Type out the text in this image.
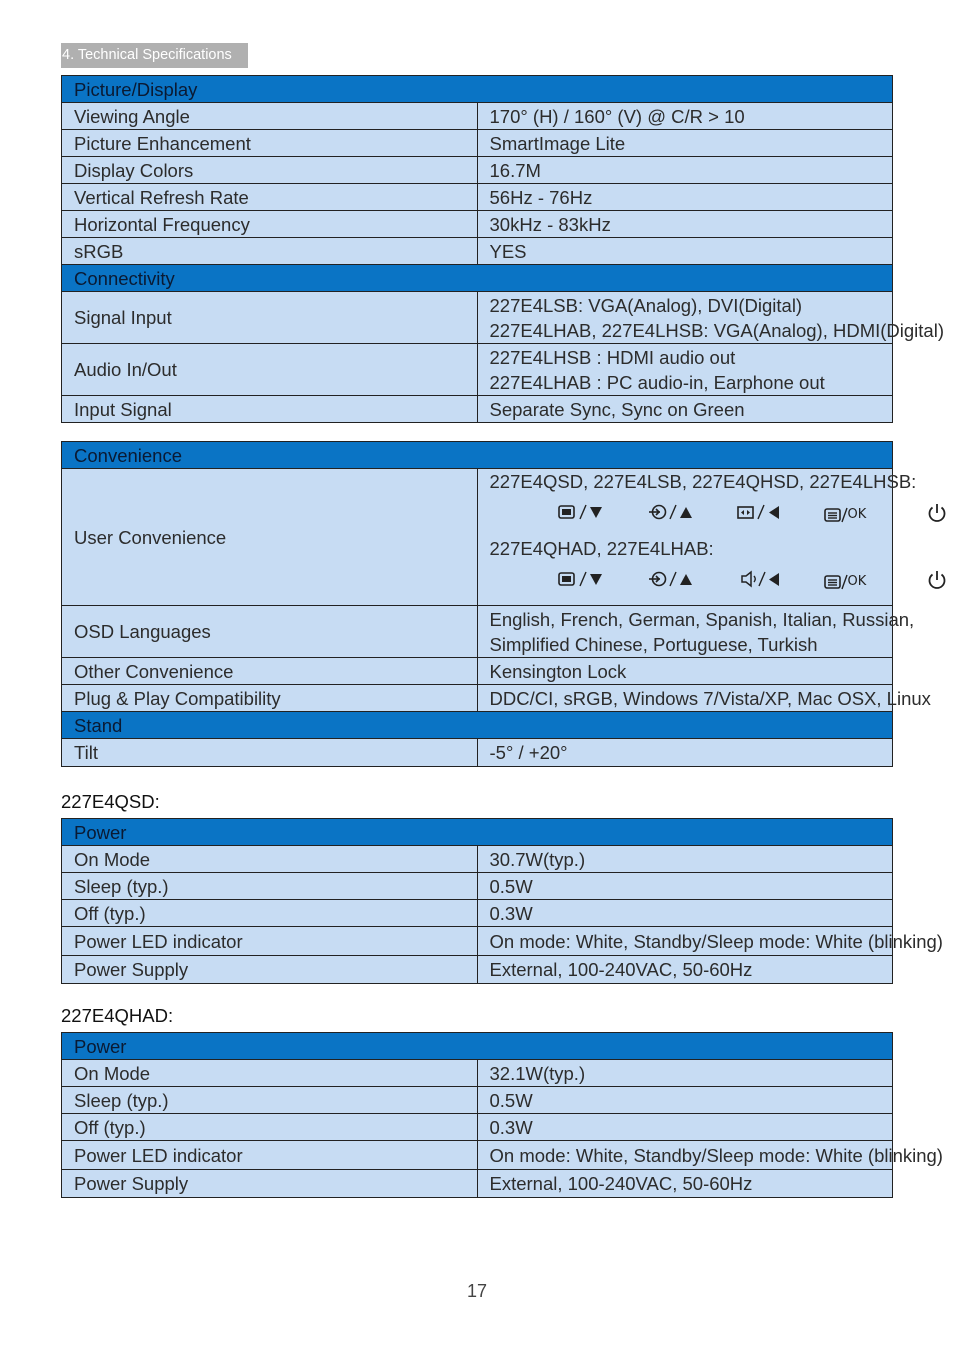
4. Technical Specifications
Picture/Display	
Viewing Angle	170° (H) / 160° (V) @ C/R > 10
Picture Enhancement	SmartImage Lite
Display Colors	16.7M
Vertical Refresh Rate	56Hz - 76Hz
Horizontal Frequency	30kHz - 83kHz
sRGB	YES
Connectivity	
Signal Input	227E4LSB: VGA(Analog), DVI(Digital)
227E4LHAB, 227E4LHSB: VGA(Analog), HDMI(Digital)

Audio In/Out	227E4LHSB : HDMI audio out
227E4LHAB : PC audio-in, Earphone out

Input Signal	Separate Sync, Sync on Green
Convenience	
User Convenience	227E4QSD, 227E4LSB, 227E4QHSD, 227E4LHSB:
OK
227E4QHAD, 227E4LHAB:
OK

OSD Languages	English, French, German, Spanish, Italian, Russian,
Simplified Chinese, Portuguese, Turkish

Other Convenience	Kensington Lock
Plug & Play Compatibility	DDC/CI, sRGB, Windows 7/Vista/XP, Mac OSX, Linux
Stand	
Tilt	-5° / +20°
227E4QSD:
Power	
On Mode	30.7W(typ.)
Sleep (typ.)	0.5W
Off (typ.)	0.3W
Power LED indicator	On mode: White, Standby/Sleep mode: White (blinking)
Power Supply	External, 100-240VAC, 50-60Hz
227E4QHAD:
Power	
On Mode	32.1W(typ.)
Sleep (typ.)	0.5W
Off (typ.)	0.3W
Power LED indicator	On mode: White, Standby/Sleep mode: White (blinking)
Power Supply	External, 100-240VAC, 50-60Hz
17
